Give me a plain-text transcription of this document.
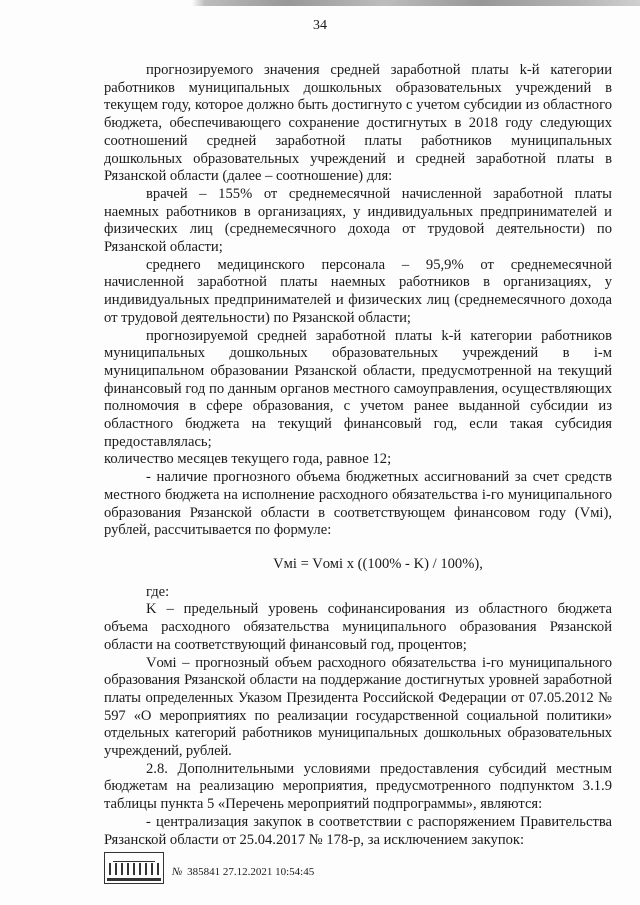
34

прогнозируемого значения средней заработной платы k-й категории работников муниципальных дошкольных образовательных учреждений в текущем году, которое должно быть достигнуто с учетом субсидии из областного бюджета, обеспечивающего сохранение достигнутых в 2018 году следующих соотношений средней заработной платы работников муниципальных дошкольных образовательных учреждений и средней заработной платы в Рязанской области (далее – соотношение) для:

врачей – 155% от среднемесячной начисленной заработной платы наемных работников в организациях, у индивидуальных предпринимателей и физических лиц (среднемесячного дохода от трудовой деятельности) по Рязанской области;

среднего медицинского персонала – 95,9% от среднемесячной начисленной заработной платы наемных работников в организациях, у индивидуальных предпринимателей и физических лиц (среднемесячного дохода от трудовой деятельности) по Рязанской области;

прогнозируемой средней заработной платы k-й категории работников муниципальных дошкольных образовательных учреждений в i-м муниципальном образовании Рязанской области, предусмотренной на текущий финансовый год по данным органов местного самоуправления, осуществляющих полномочия в сфере образования, с учетом ранее выданной субсидии из областного бюджета на текущий финансовый год, если такая субсидия предоставлялась;

количество месяцев текущего года, равное 12;

- наличие прогнозного объема бюджетных ассигнований за счет средств местного бюджета на исполнение расходного обязательства i-го муниципального образования Рязанской области в соответствующем финансовом году (Vмi), рублей, рассчитывается по формуле:

Vмi = Vомi x ((100% - K) / 100%),

где:

K – предельный уровень софинансирования из областного бюджета объема расходного обязательства муниципального образования Рязанской области на соответствующий финансовый год, процентов;

Vомi – прогнозный объем расходного обязательства i-го муниципального образования Рязанской области на поддержание достигнутых уровней заработной платы определенных Указом Президента Российской Федерации от 07.05.2012 № 597 «О мероприятиях по реализации государственной социальной политики» отдельных категорий работников муниципальных дошкольных образовательных учреждений, рублей.

2.8. Дополнительными условиями предоставления субсидий местным бюджетам на реализацию мероприятия, предусмотренного подпунктом 3.1.9 таблицы пункта 5 «Перечень мероприятий подпрограммы», являются:

- централизация закупок в соответствии с распоряжением Правительства Рязанской области от 25.04.2017 № 178-р, за исключением закупок:

№ 385841 27.12.2021 10:54:45
